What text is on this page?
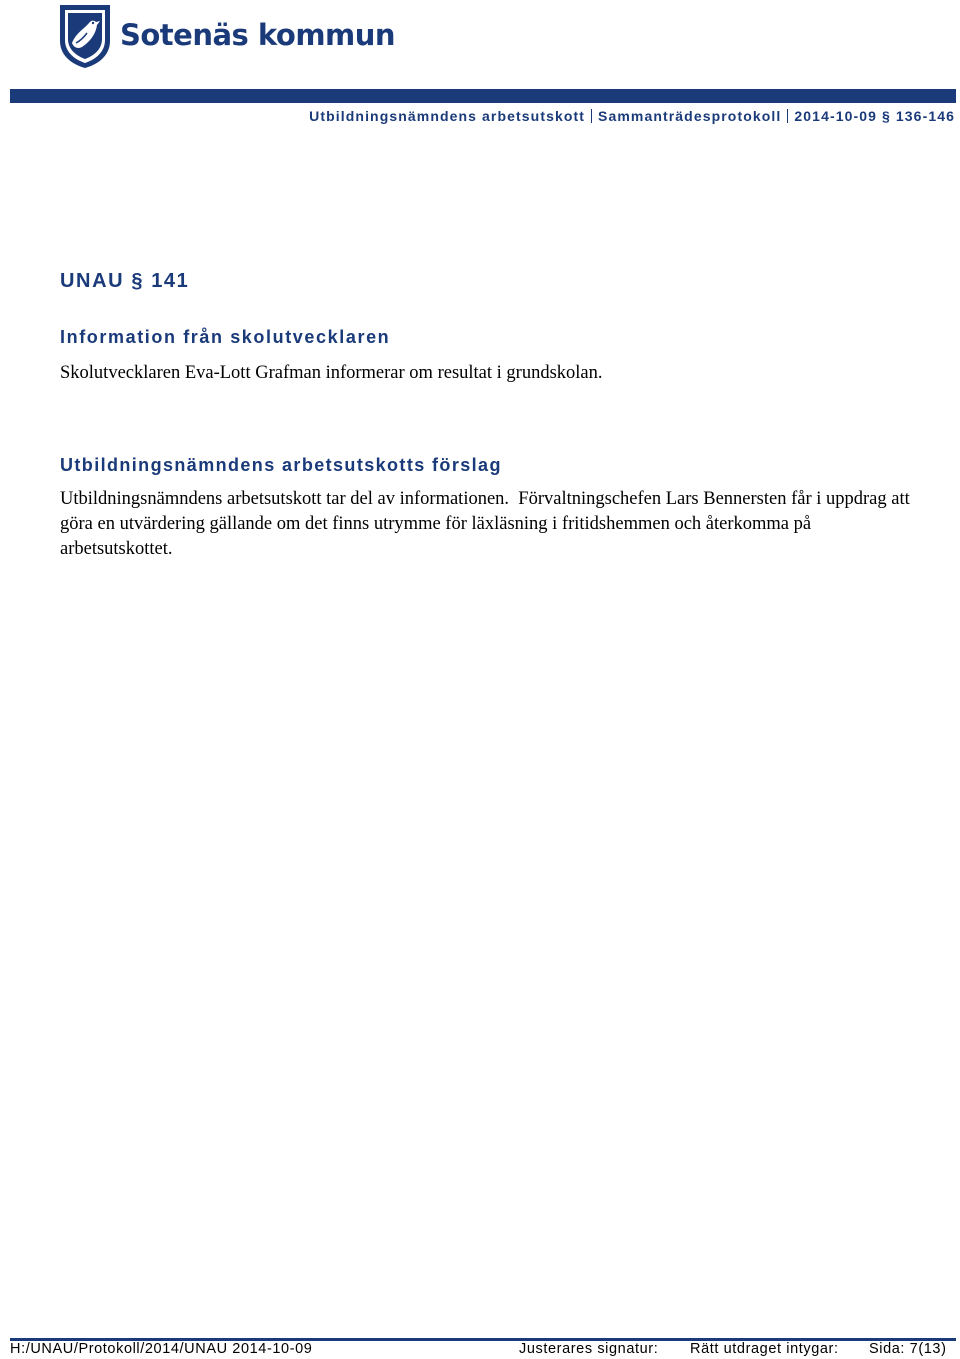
Sotenäs kommun
Utbildningsnämndens arbetsutskott Sammanträdesprotokoll 2014-10-09 § 136-146
UNAU § 141
Information från skolutvecklaren
Skolutvecklaren Eva-Lott Grafman informerar om resultat i grundskolan.
Utbildningsnämndens arbetsutskotts förslag
Utbildningsnämndens arbetsutskott tar del av informationen.  Förvaltningschefen Lars Bennersten får i uppdrag att göra en utvärdering gällande om det finns utrymme för läxläsning i fritidshemmen och återkomma på arbetsutskottet.
H:/UNAU/Protokoll/2014/UNAU 2014-10-09	Justerares signatur: Rätt utdraget intygar: Sida: 7(13)
